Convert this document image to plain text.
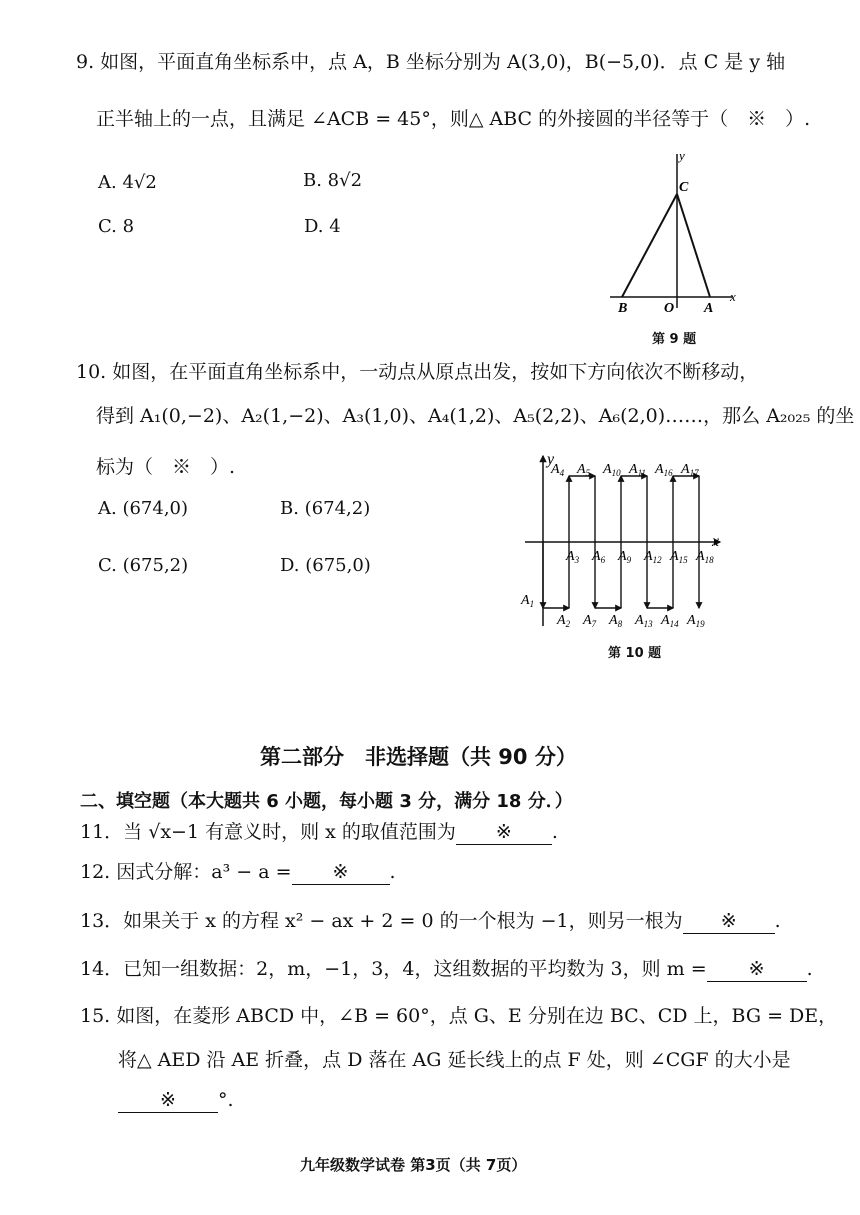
9. 如图，平面直角坐标系中，点 A，B 坐标分别为 A(3,0)，B(−5,0)．点 C 是 y 轴
正半轴上的一点，且满足 ∠ACB = 45°，则△ ABC 的外接圆的半径等于（　※　）.
A. 4√2	B. 8√2
C. 8	D. 4
y
C
B	O A
x
第 9 题
10. 如图，在平面直角坐标系中，一动点从原点出发，按如下方向依次不断移动，
得到 A₁(0,−2)、A₂(1,−2)、A₃(1,0)、A₄(1,2)、A₅(2,2)、A₆(2,0)……，那么 A₂₀₂₅ 的坐
标为（　※　）.
A. (674,0)	B. (674,2)
C. (675,2)	D. (675,0)
y
x
$A_4$ $A_5$ $A_{10}$ $A_{11}$ $A_{16}$ $A_{17}$
$A_3$ $A_6$ $A_9$ $A_{12}$ $A_{15}$ $A_{18}$
$A_2$ $A_7$ $A_8$ $A_{13}$ $A_{14}$ $A_{19}$
$A_1$
第 10 题
第二部分　非选择题（共 90 分）
二、填空题（本大题共 6 小题，每小题 3 分，满分 18 分．）
11．当 √x−1 有意义时，则 x 的取值范围为 ※ .
12. 因式分解：a³ − a = ※ .
13．如果关于 x 的方程 x² − ax + 2 = 0 的一个根为 −1，则另一根为 ※ .
14．已知一组数据：2，m，−1，3，4，这组数据的平均数为 3，则 m = ※ .
15. 如图，在菱形 ABCD 中，∠B = 60°，点 G、E 分别在边 BC、CD 上，BG = DE，
将△ AED 沿 AE 折叠，点 D 落在 AG 延长线上的点 F 处，则 ∠CGF 的大小是
※ °.
九年级数学试卷 第3页（共 7页）
